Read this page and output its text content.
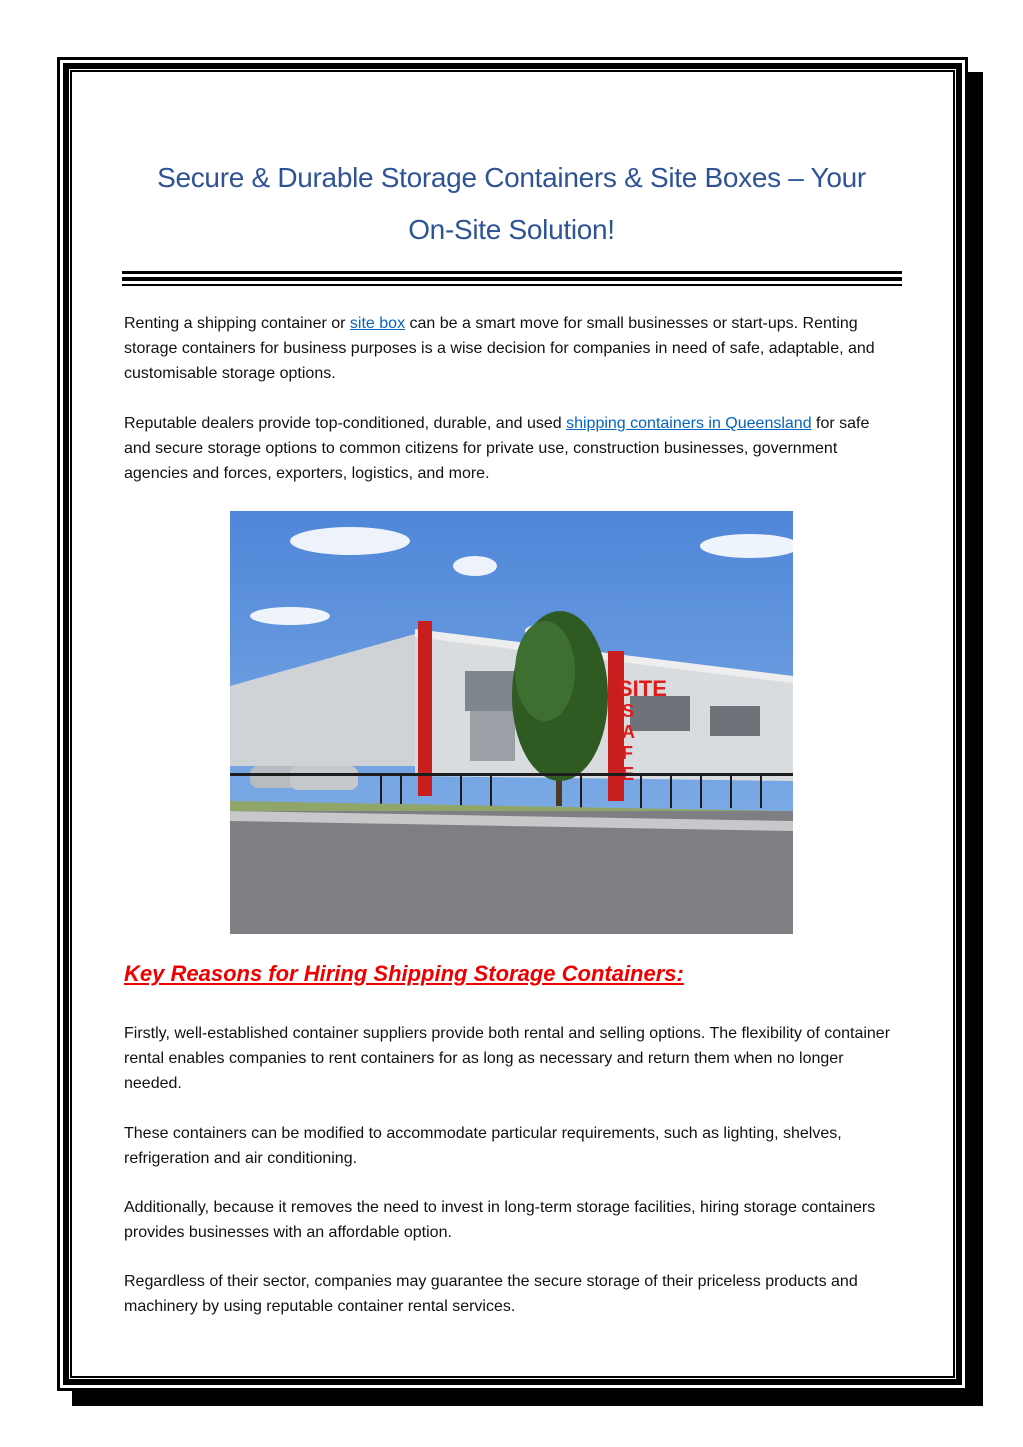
Secure & Durable Storage Containers & Site Boxes – Your
On-Site Solution!

Renting a shipping container or site box can be a smart move for small businesses or start-ups. Renting storage containers for business purposes is a wise decision for companies in need of safe, adaptable, and customisable storage options.

Reputable dealers provide top-conditioned, durable, and used shipping containers in Queensland for safe and secure storage options to common citizens for private use, construction businesses, government agencies and forces, exporters, logistics, and more.

SITE
S
A
F
Key Reasons for Hiring Shipping Storage Containers:

Firstly, well-established container suppliers provide both rental and selling options. The flexibility of container rental enables companies to rent containers for as long as necessary and return them when no longer needed.

These containers can be modified to accommodate particular requirements, such as lighting, shelves, refrigeration and air conditioning.

Additionally, because it removes the need to invest in long-term storage facilities, hiring storage containers provides businesses with an affordable option.

Regardless of their sector, companies may guarantee the secure storage of their priceless products and machinery by using reputable container rental services.
